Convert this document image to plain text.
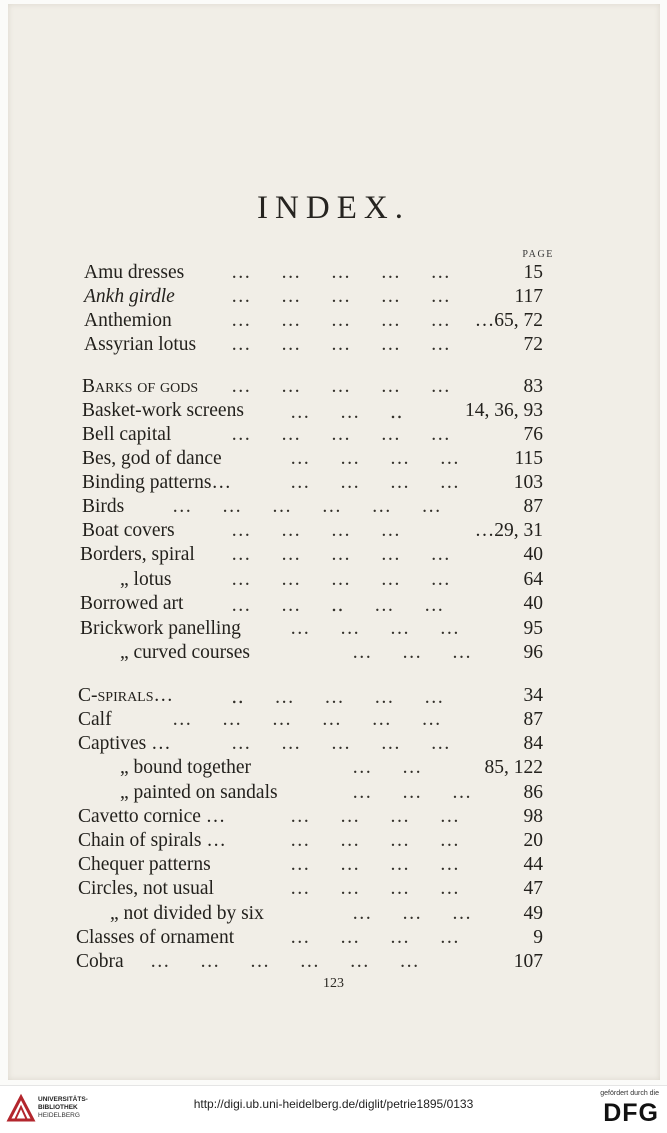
INDEX.
PAGE
Amu dresses …     …     …     …     …	15
Ankh girdle	…     …     …     …     …	117
Anthemion	…     …     …     …     … …65, 72
Assyrian lotus …     …     …     …     …	72
Barks of gods …     …     …     …     …	83
Basket-work screens …     …     ‥	14, 36, 93
Bell capital	…     …     …     …     …	76
Bes, god of dance	…     …     …     …	115
Binding patterns…	…     …     …     …	103
Birds …     …     …     …     …     …	87
Boat covers	…     …     …     …	…29, 31
Borders, spiral …     …     …     …     …	40
„ lotus	…     …     …     …     …	64
Borrowed art …     …     ‥     …     …	40
Brickwork panelling	…     …     …     …	95
„ curved courses	…     …     …	96
C-spirals…	‥     …     …     …     …	34
Calf	…     …     …     …     …     …	87
Captives …	…     …     …     …     …	84
„ bound together	…     …	85, 122
„ painted on sandals	…     …     …	86
Cavetto cornice …	…     …     …     …	98
Chain of spirals …	…     …     …     …	20
Chequer patterns	…     …     …     …	44
Circles, not usual	…     …     …     …	47
„ not divided by six	…     …     …	49
Classes of ornament	…     …     …     …	9
Cobra …     …     …     …     …     …	107
123
UNIVERSITÄTS-
BIBLIOTHEK
HEIDELBERG
http://digi.ub.uni-heidelberg.de/diglit/petrie1895/0133
gefördert durch die
DFG
